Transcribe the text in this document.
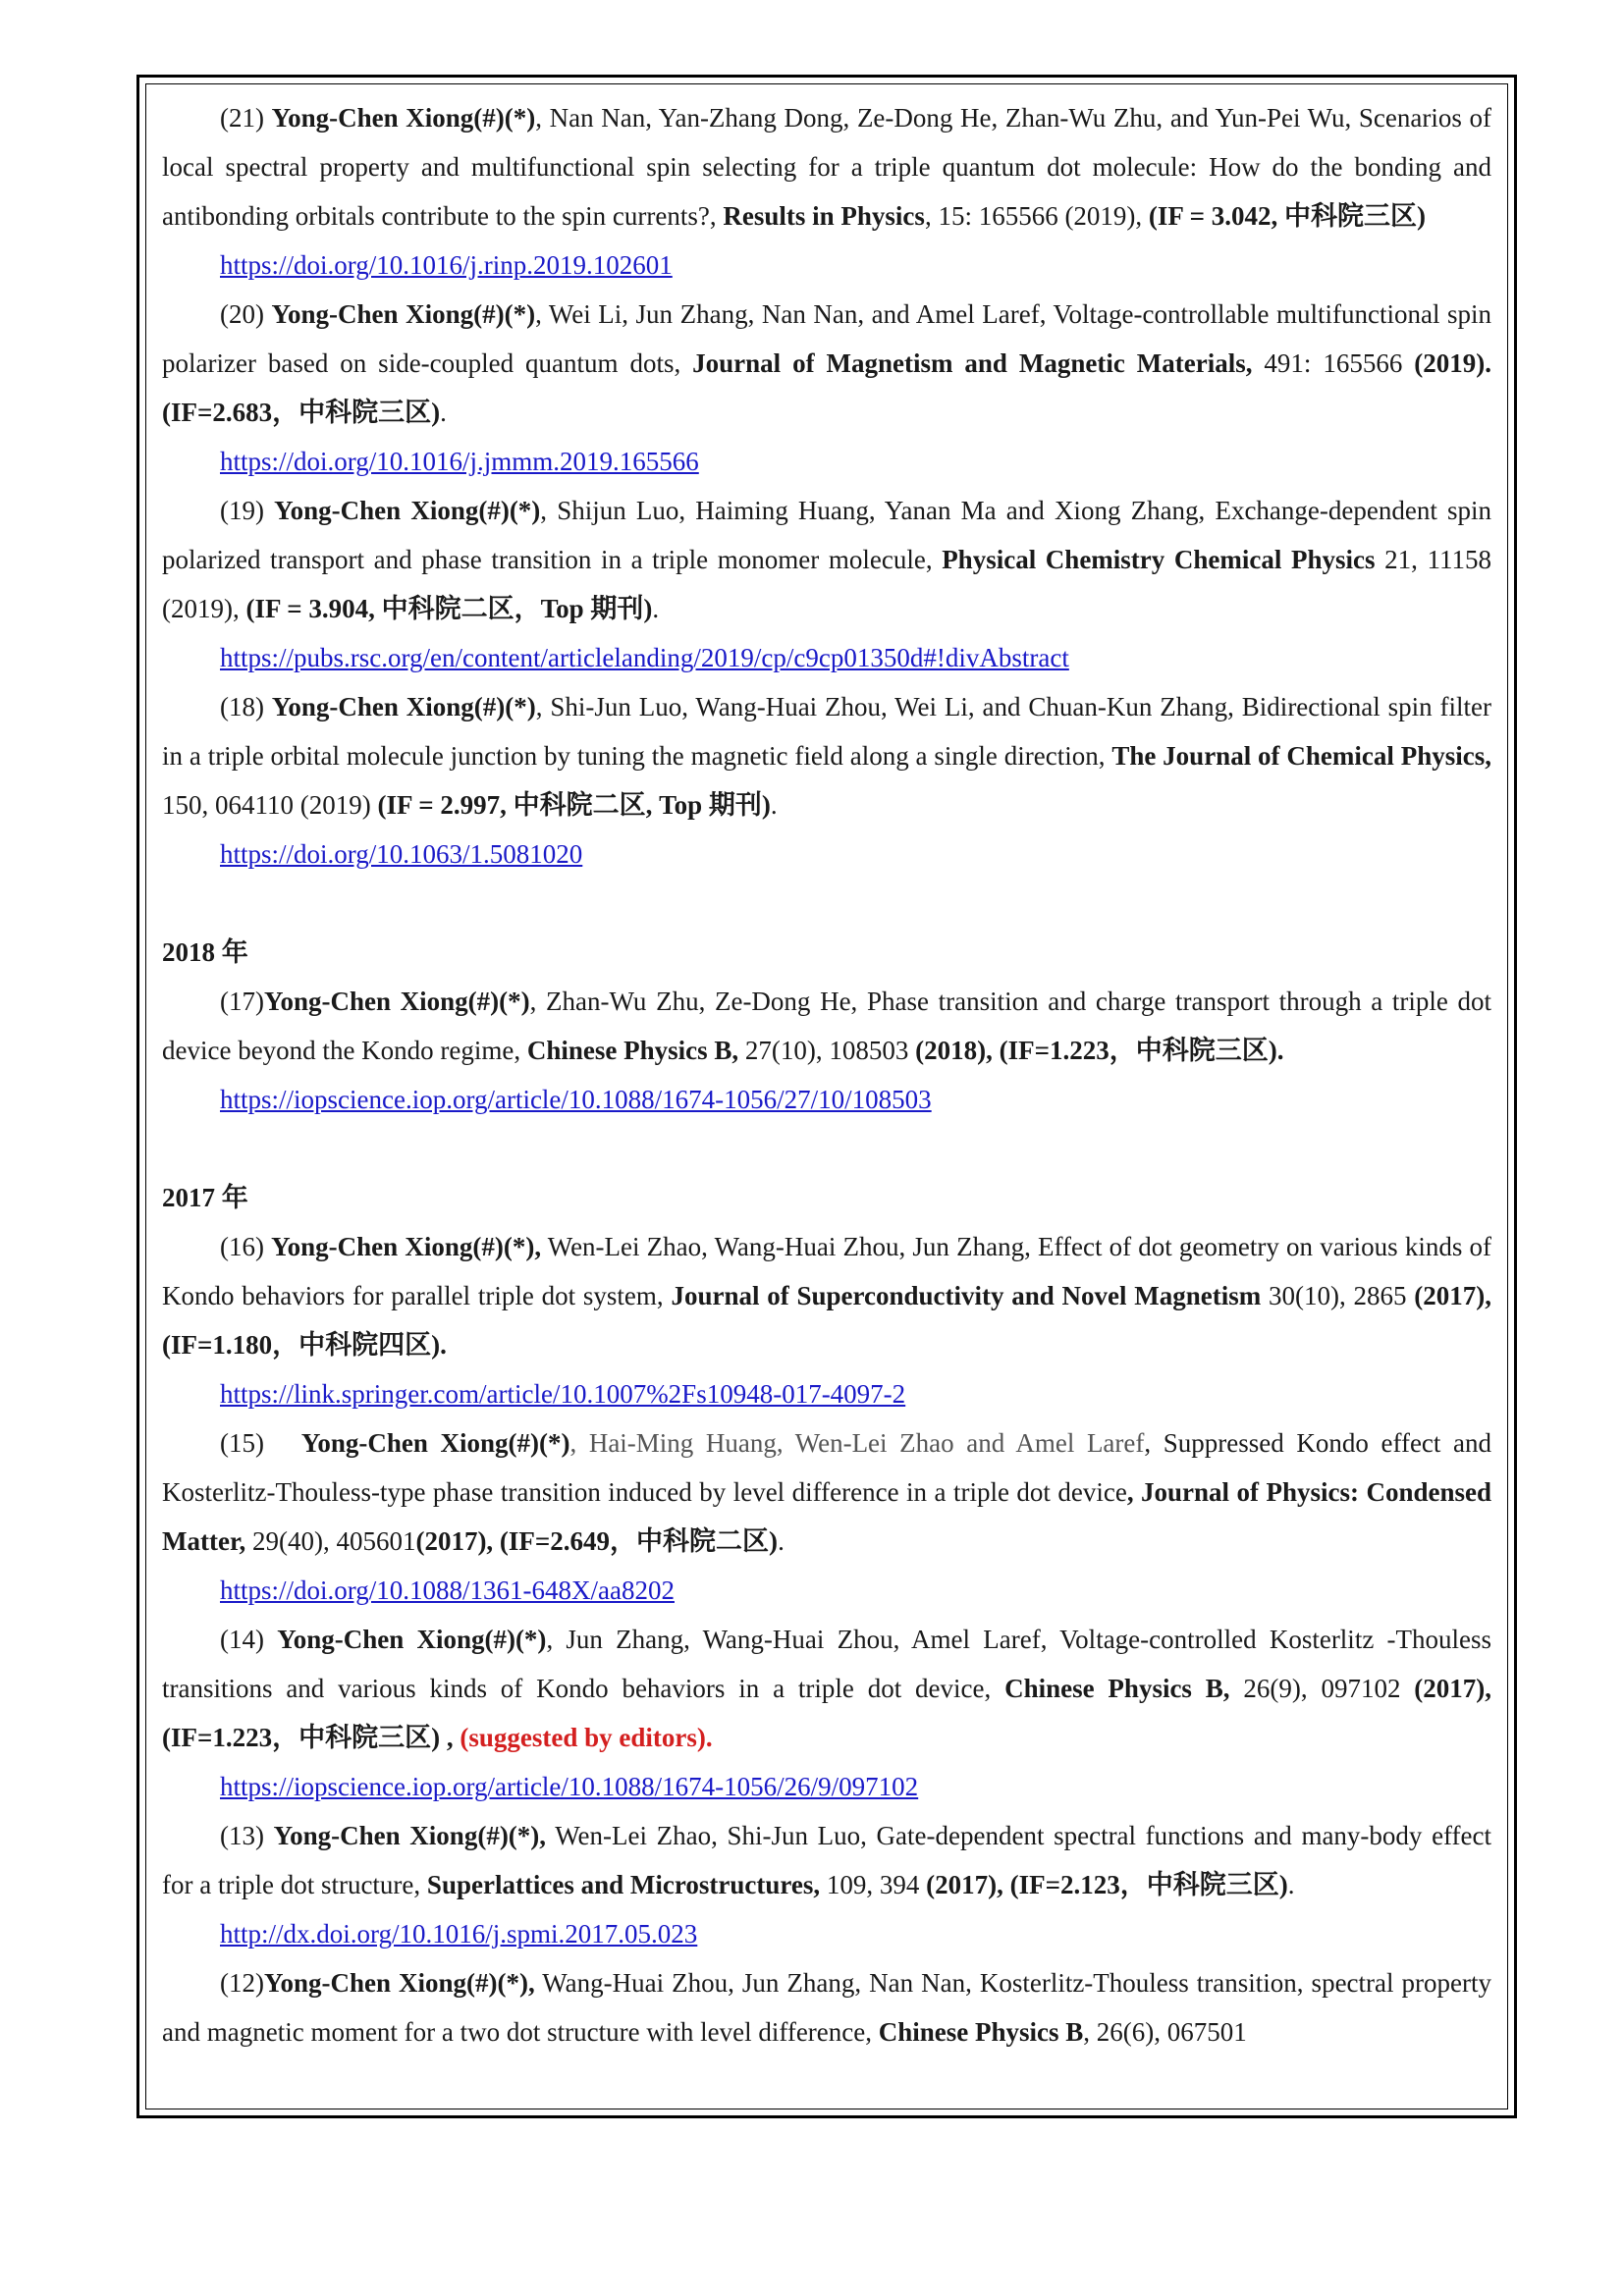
(21) Yong-Chen Xiong(#)(*), Nan Nan, Yan-Zhang Dong, Ze-Dong He, Zhan-Wu Zhu, and Yun-Pei Wu, Scenarios of local spectral property and multifunctional spin selecting for a triple quantum dot molecule: How do the bonding and antibonding orbitals contribute to the spin currents?, Results in Physics, 15: 165566 (2019), (IF = 3.042, 中科院三区)

https://doi.org/10.1016/j.rinp.2019.102601

(20) Yong-Chen Xiong(#)(*), Wei Li, Jun Zhang, Nan Nan, and Amel Laref, Voltage-controllable multifunctional spin polarizer based on side-coupled quantum dots, Journal of Magnetism and Magnetic Materials, 491: 165566 (2019). (IF=2.683，中科院三区).

https://doi.org/10.1016/j.jmmm.2019.165566

(19) Yong-Chen Xiong(#)(*), Shijun Luo, Haiming Huang, Yanan Ma and Xiong Zhang, Exchange-dependent spin polarized transport and phase transition in a triple monomer molecule, Physical Chemistry Chemical Physics 21, 11158 (2019), (IF = 3.904, 中科院二区，Top 期刊).

https://pubs.rsc.org/en/content/articlelanding/2019/cp/c9cp01350d#!divAbstract

(18) Yong-Chen Xiong(#)(*), Shi-Jun Luo, Wang-Huai Zhou, Wei Li, and Chuan-Kun Zhang, Bidirectional spin filter in a triple orbital molecule junction by tuning the magnetic field along a single direction, The Journal of Chemical Physics, 150, 064110 (2019) (IF = 2.997, 中科院二区, Top 期刊).

https://doi.org/10.1063/1.5081020

2018 年

(17)Yong-Chen Xiong(#)(*), Zhan-Wu Zhu, Ze-Dong He, Phase transition and charge transport through a triple dot device beyond the Kondo regime, Chinese Physics B, 27(10), 108503 (2018), (IF=1.223，中科院三区).

https://iopscience.iop.org/article/10.1088/1674-1056/27/10/108503

2017 年

(16) Yong-Chen Xiong(#)(*), Wen-Lei Zhao, Wang-Huai Zhou, Jun Zhang, Effect of dot geometry on various kinds of Kondo behaviors for parallel triple dot system, Journal of Superconductivity and Novel Magnetism 30(10), 2865 (2017), (IF=1.180，中科院四区).

https://link.springer.com/article/10.1007%2Fs10948-017-4097-2

(15)   Yong-Chen Xiong(#)(*), Hai-Ming Huang, Wen-Lei Zhao and Amel Laref, Suppressed Kondo effect and Kosterlitz-Thouless-type phase transition induced by level difference in a triple dot device, Journal of Physics: Condensed Matter, 29(40), 405601(2017), (IF=2.649，中科院二区).

https://doi.org/10.1088/1361-648X/aa8202

(14) Yong-Chen Xiong(#)(*), Jun Zhang, Wang-Huai Zhou, Amel Laref, Voltage-controlled Kosterlitz -Thouless transitions and various kinds of Kondo behaviors in a triple dot device, Chinese Physics B, 26(9), 097102 (2017), (IF=1.223，中科院三区) , (suggested by editors).

https://iopscience.iop.org/article/10.1088/1674-1056/26/9/097102

(13) Yong-Chen Xiong(#)(*), Wen-Lei Zhao, Shi-Jun Luo, Gate-dependent spectral functions and many-body effect for a triple dot structure, Superlattices and Microstructures, 109, 394 (2017), (IF=2.123，中科院三区).

http://dx.doi.org/10.1016/j.spmi.2017.05.023

(12)Yong-Chen Xiong(#)(*), Wang-Huai Zhou, Jun Zhang, Nan Nan, Kosterlitz-Thouless transition, spectral property and magnetic moment for a two dot structure with level difference, Chinese Physics B, 26(6), 067501
